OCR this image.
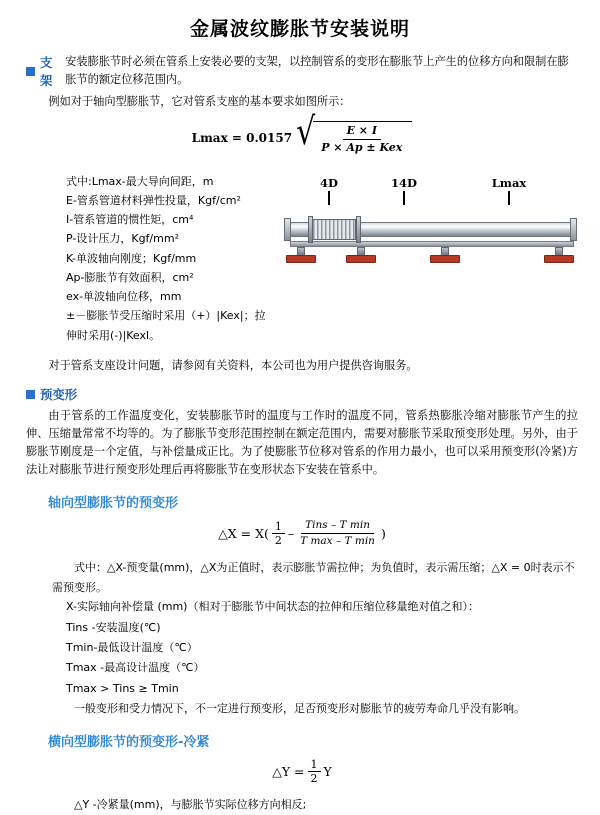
金属波纹膨胀节安装说明
支架
安装膨胀节时必须在管系上安装必要的支架，以控制管系的变形在膨胀节上产生的位移方向和限制在膨胀节的额定位移范围内。

例如对于轴向型膨胀节，它对管系支座的基本要求如图所示：

Lmax = 0.0157 √ $\frac{E \times I}{\text{P × Ap ± Kex}}$
式中:Lmax-最大导向间距，m
E-管系管道材料弹性投量，Kgf/cm²
I-管系管道的惯性矩，cm⁴
P-设计压力，Kgf/mm²
K-单波轴向刚度；Kgf/mm
Ap-膨胀节有效面积，cm²
ex-单波轴向位移，mm
±－膨胀节受压缩时采用（+）|Kex|；拉伸时采用(-)|Kexl。
4D	14D	Lmax

对于管系支座设计问题，请参阅有关资料，本公司也为用户提供咨询服务。

预变形

由于管系的工作温度变化，安装膨胀节时的温度与工作时的温度不同，管系热膨胀冷缩对膨胀节产生的拉伸、压缩量常常不均等的。为了膨胀节变形范围控制在额定范围内，需要对膨胀节采取预变形处理。另外，由于膨胀节刚度是一个定值，与补偿量成正比。为了使膨胀节位移对管系的作用力最小，也可以采用预变形(冷紧)方法让对膨胀节进行预变形处理后再将膨胀节在变形状态下安装在管系中。

轴向型膨胀节的预变形
△X = $X( \frac{1}{2} - \frac{\text{Tins – T min}}{\text{T max – T min}}$ )
式中：△X-预变量(mm)，△X为正值时，表示膨胀节需拉伸；为负值时，表示需压缩；△X = 0时表示不需预变形。
X-实际轴向补偿量 (mm)（相对于膨胀节中间状态的拉伸和压缩位移量绝对值之和）：
Tins -安装温度(℃)
Tmin-最低设计温度（℃）
Tmax -最高设计温度（℃）
Tmax > Tins ≥ Tmin
一般变形和受力情况下，不一定进行预变形，足否预变形对膨胀节的疲劳寿命几乎没有影响。
横向型膨胀节的预变形-冷紧
△Y = $\frac{1}{2}$ Y
△Y -冷紧量(mm)，与膨胀节实际位移方向相反;
